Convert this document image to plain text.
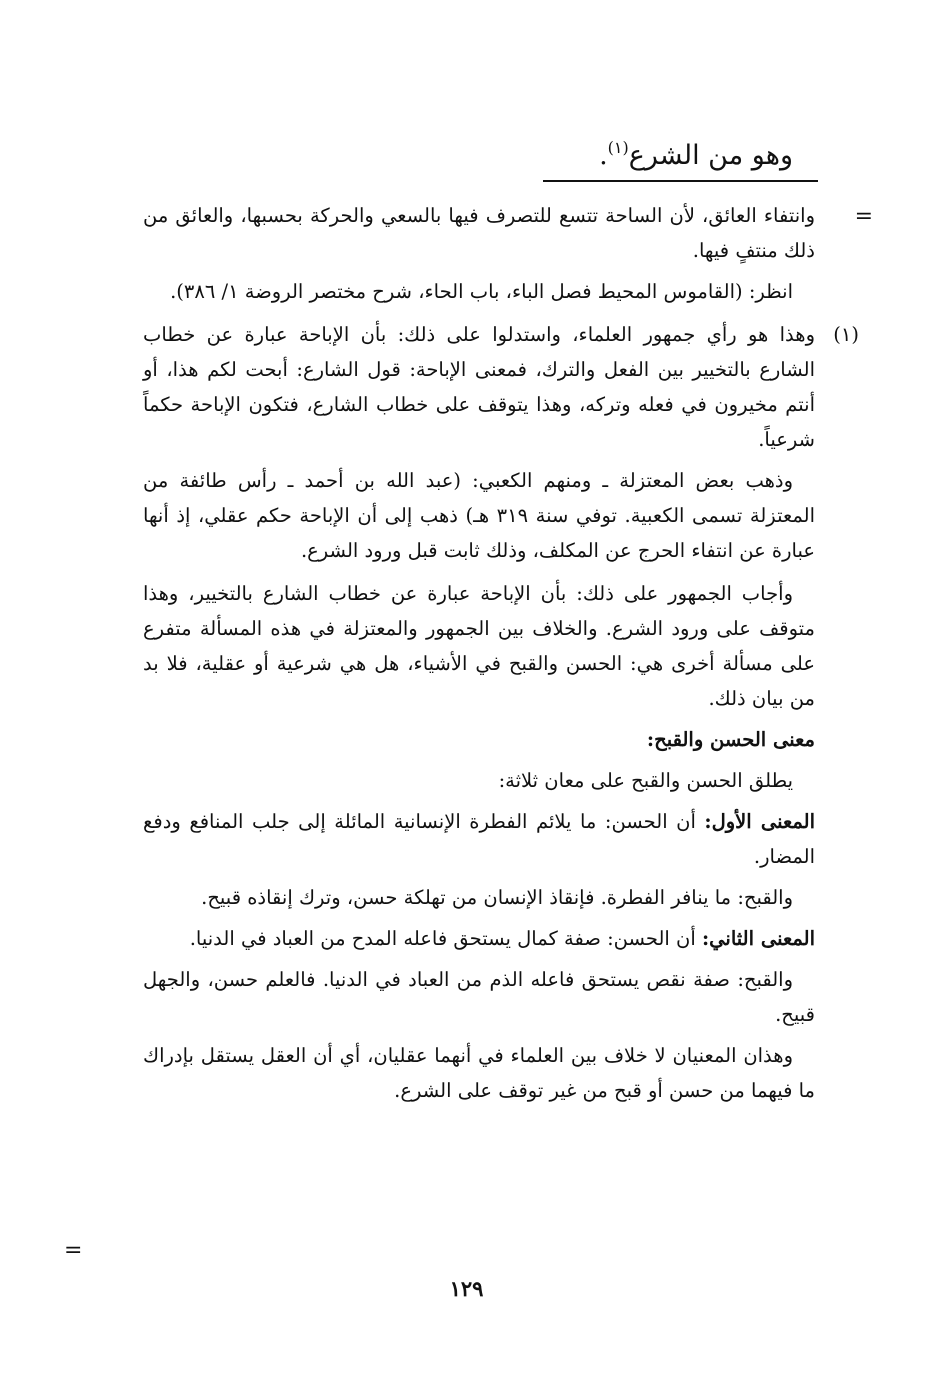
وهو من الشرع$^{(١)}$.
=

وانتفاء العائق، لأن الساحة تتسع للتصرف فيها بالسعي والحركة بحسبها، والعائق من ذلك منتفٍ فيها.

انظر: (القاموس المحيط فصل الباء، باب الحاء، شرح مختصر الروضة ١/ ٣٨٦).

(١)
وهذا هو رأي جمهور العلماء، واستدلوا على ذلك: بأن الإباحة عبارة عن خطاب الشارع بالتخيير بين الفعل والترك، فمعنى الإباحة: قول الشارع: أبحت لكم هذا، أو أنتم مخيرون في فعله وتركه، وهذا يتوقف على خطاب الشارع، فتكون الإباحة حكماً شرعياً.

وذهب بعض المعتزلة ـ ومنهم الكعبي: (عبد الله بن أحمد ـ رأس طائفة من المعتزلة تسمى الكعبية. توفي سنة ٣١٩ هـ) ذهب إلى أن الإباحة حكم عقلي، إذ أنها عبارة عن انتفاء الحرج عن المكلف، وذلك ثابت قبل ورود الشرع.

وأجاب الجمهور على ذلك: بأن الإباحة عبارة عن خطاب الشارع بالتخيير، وهذا متوقف على ورود الشرع. والخلاف بين الجمهور والمعتزلة في هذه المسألة متفرع على مسألة أخرى هي: الحسن والقبح في الأشياء، هل هي شرعية أو عقلية، فلا بد من بيان ذلك.

معنى الحسن والقبح:

يطلق الحسن والقبح على معان ثلاثة:

المعنى الأول: أن الحسن: ما يلائم الفطرة الإنسانية المائلة إلى جلب المنافع ودفع المضار.

والقبح: ما ينافر الفطرة. فإنقاذ الإنسان من تهلكة حسن، وترك إنقاذه قبيح.

المعنى الثاني: أن الحسن: صفة كمال يستحق فاعله المدح من العباد في الدنيا.

والقبح: صفة نقص يستحق فاعله الذم من العباد في الدنيا. فالعلم حسن، والجهل قبيح.

وهذان المعنيان لا خلاف بين العلماء في أنهما عقليان، أي أن العقل يستقل بإدراك ما فيهما من حسن أو قبح من غير توقف على الشرع.

=
١٢٩
